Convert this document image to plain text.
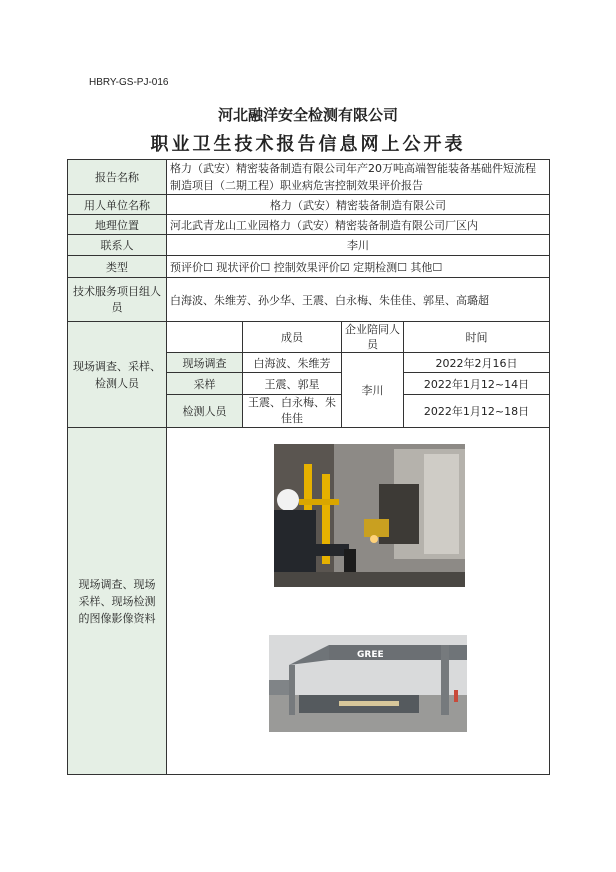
HBRY-GS-PJ-016
河北融洋安全检测有限公司
职业卫生技术报告信息网上公开表
报告名称	格力（武安）精密装备制造有限公司年产20万吨高端智能装备基础件短流程制造项目（二期工程）职业病危害控制效果评价报告			
用人单位名称	格力（武安）精密装备制造有限公司			
地理位置	河北武青龙山工业园格力（武安）精密装备制造有限公司厂区内			
联系人	李川			
类型	预评价☐ 现状评价☐ 控制效果评价☑ 定期检测☐ 其他☐			
技术服务项目组人员	白海波、朱维芳、孙少华、王震、白永梅、朱佳佳、郭星、高璐超			
现场调查、采样、检测人员		成员	企业陪同人员	时间
	现场调查	白海波、朱维芳	李川	2022年2月16日
	采样	王震、郭星		2022年1月12~14日
	检测人员	王震、白永梅、朱佳佳		2022年1月12~18日
现场调查、现场采样、现场检测的图像影像资料	GREE			
